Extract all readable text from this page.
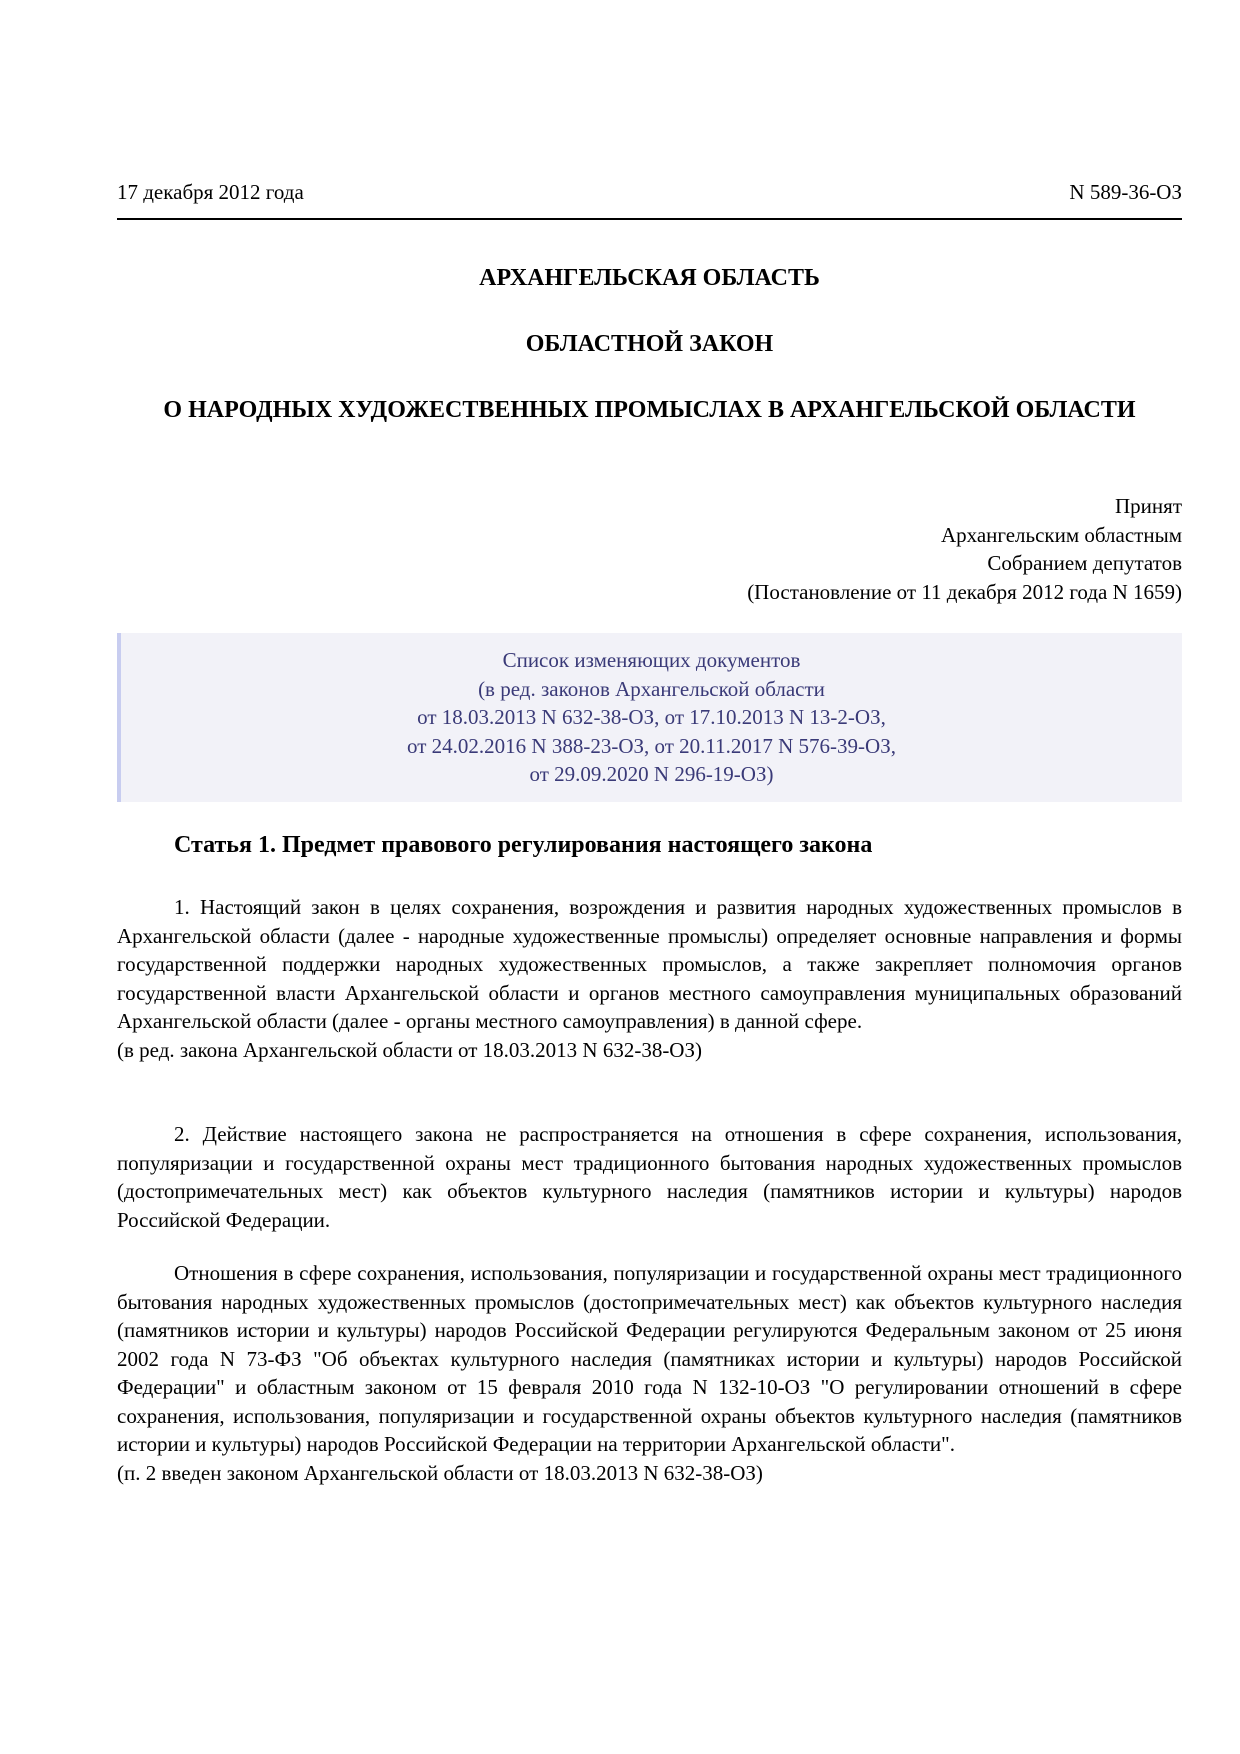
17 декабря 2012 года	N 589-36-ОЗ
АРХАНГЕЛЬСКАЯ ОБЛАСТЬ
ОБЛАСТНОЙ ЗАКОН
О НАРОДНЫХ ХУДОЖЕСТВЕННЫХ ПРОМЫСЛАХ В АРХАНГЕЛЬСКОЙ ОБЛАСТИ
Принят
Архангельским областным
Собранием депутатов
(Постановление от 11 декабря 2012 года N 1659)
Список изменяющих документов
(в ред. законов Архангельской области
от 18.03.2013 N 632-38-ОЗ, от 17.10.2013 N 13-2-ОЗ,
от 24.02.2016 N 388-23-ОЗ, от 20.11.2017 N 576-39-ОЗ,
от 29.09.2020 N 296-19-ОЗ)
Статья 1. Предмет правового регулирования настоящего закона

1. Настоящий закон в целях сохранения, возрождения и развития народных художественных промыслов в Архангельской области (далее - народные художественные промыслы) определяет основные направления и формы государственной поддержки народных художественных промыслов, а также закрепляет полномочия органов государственной власти Архангельской области и органов местного самоуправления муниципальных образований Архангельской области (далее - органы местного самоуправления) в данной сфере.

(в ред. закона Архангельской области от 18.03.2013 N 632-38-ОЗ)

2. Действие настоящего закона не распространяется на отношения в сфере сохранения, использования, популяризации и государственной охраны мест традиционного бытования народных художественных промыслов (достопримечательных мест) как объектов культурного наследия (памятников истории и культуры) народов Российской Федерации.

Отношения в сфере сохранения, использования, популяризации и государственной охраны мест традиционного бытования народных художественных промыслов (достопримечательных мест) как объектов культурного наследия (памятников истории и культуры) народов Российской Федерации регулируются Федеральным законом от 25 июня 2002 года N 73-ФЗ "Об объектах культурного наследия (памятниках истории и культуры) народов Российской Федерации" и областным законом от 15 февраля 2010 года N 132-10-ОЗ "О регулировании отношений в сфере сохранения, использования, популяризации и государственной охраны объектов культурного наследия (памятников истории и культуры) народов Российской Федерации на территории Архангельской области".

(п. 2 введен законом Архангельской области от 18.03.2013 N 632-38-ОЗ)
